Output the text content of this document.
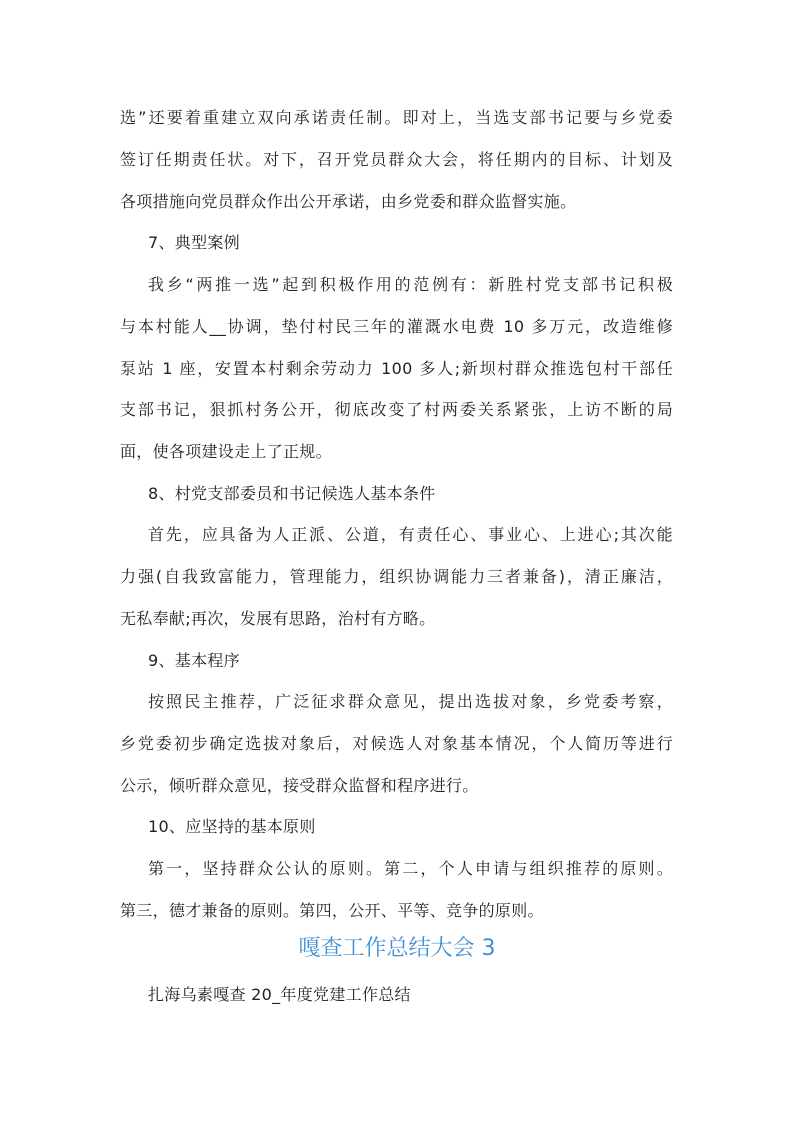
选”还要着重建立双向承诺责任制。即对上，当选支部书记要与乡党委
签订任期责任状。对下，召开党员群众大会，将任期内的目标、计划及
各项措施向党员群众作出公开承诺，由乡党委和群众监督实施。
7、典型案例
我乡“两推一选”起到积极作用的范例有：新胜村党支部书记积极
与本村能人__协调，垫付村民三年的灌溉水电费 10 多万元，改造维修
泵站 1 座，安置本村剩余劳动力 100 多人;新坝村群众推选包村干部任
支部书记，狠抓村务公开，彻底改变了村两委关系紧张，上访不断的局
面，使各项建设走上了正规。
8、村党支部委员和书记候选人基本条件
首先，应具备为人正派、公道，有责任心、事业心、上进心;其次能
力强(自我致富能力，管理能力，组织协调能力三者兼备)，清正廉洁，
无私奉献;再次，发展有思路，治村有方略。
9、基本程序
按照民主推荐，广泛征求群众意见，提出选拔对象，乡党委考察，
乡党委初步确定选拔对象后，对候选人对象基本情况，个人简历等进行
公示，倾听群众意见，接受群众监督和程序进行。
10、应坚持的基本原则
第一，坚持群众公认的原则。第二，个人申请与组织推荐的原则。
第三，德才兼备的原则。第四，公开、平等、竞争的原则。
嘎查工作总结大会 3
扎海乌素嘎查 20_年度党建工作总结
